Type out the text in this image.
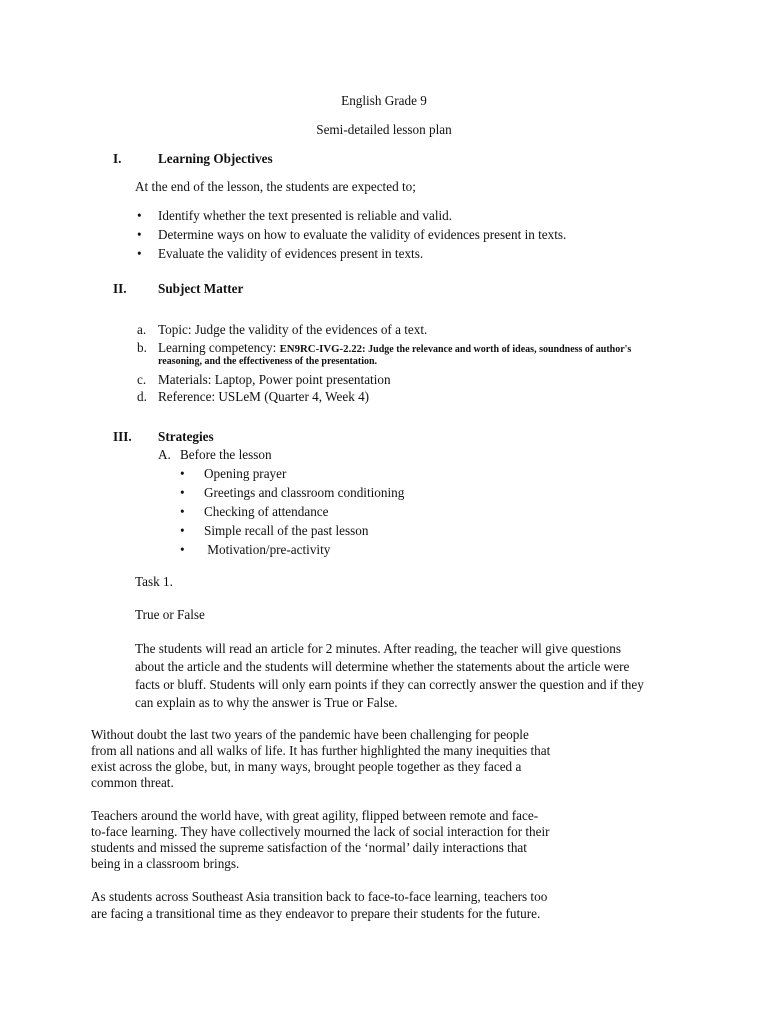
English Grade 9
Semi-detailed lesson plan
I.	Learning Objectives
At the end of the lesson, the students are expected to;
• Identify whether the text presented is reliable and valid.
• Determine ways on how to evaluate the validity of evidences present in texts.
• Evaluate the validity of evidences present in texts.
II. Subject Matter
a. Topic: Judge the validity of the evidences of a text.
b. Learning competency: EN9RC-IVG-2.22: Judge the relevance and worth of ideas, soundness of author's
reasoning, and the effectiveness of the presentation.
c. Materials: Laptop, Power point presentation
d. Reference: USLeM (Quarter 4, Week 4)
III. Strategies
A. Before the lesson
• Opening prayer
• Greetings and classroom conditioning
• Checking of attendance
• Simple recall of the past lesson
• Motivation/pre-activity
Task 1.
True or False
The students will read an article for 2 minutes. After reading, the teacher will give questions
about the article and the students will determine whether the statements about the article were
facts or bluff. Students will only earn points if they can correctly answer the question and if they
can explain as to why the answer is True or False.
Without doubt the last two years of the pandemic have been challenging for people
from all nations and all walks of life. It has further highlighted the many inequities that
exist across the globe, but, in many ways, brought people together as they faced a
common threat.
Teachers around the world have, with great agility, flipped between remote and face-
to-face learning. They have collectively mourned the lack of social interaction for their
students and missed the supreme satisfaction of the ‘normal’ daily interactions that
being in a classroom brings.
As students across Southeast Asia transition back to face-to-face learning, teachers too
are facing a transitional time as they endeavor to prepare their students for the future.
